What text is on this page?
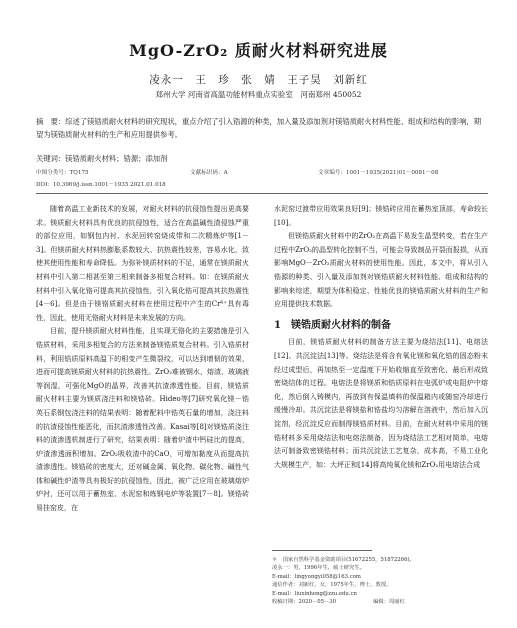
MgO-ZrO₂ 质耐火材料研究进展
凌永一　王　珍　张　婧　王子昊　刘新红
郑州大学 河南省高温功能材料重点实验室　河南郑州 450052
摘　要：综述了镁锆质耐火材料的研究现状，重点介绍了引入锆源的种类，加入量及添加剂对镁锆质耐火材料性能、组成和结构的影响，期望为镁锆质耐火材料的生产和应用提供参考。
关键词：镁锆质耐火材料；锆源；添加剂
中图分类号：TQ175	文献标识码：A	文章编号：1001－1935(2021)01－0081－08
DOI：10.3969/j.issn.1001－1935.2021.01.018

随着高温工业新技术的发展，对耐火材料的抗侵蚀性提出更高要求。镁质耐火材料具有优良的抗侵蚀性，适合在高温碱性渣侵蚀严重的部位应用，如钢包内衬、水泥回转窑烧成带和二次精炼炉等[1－3]。但镁质耐火材料热膨胀系数较大、抗热震性较差，容易水化，致使其使用性能和寿命降低。为弥补镁质材料的不足，通常在镁质耐火材料中引入第二相甚至第三相来制备多相复合材料。如：在镁质耐火材料中引入氧化铬可提高其抗侵蚀性，引入氧化锆可提高其抗热震性[4－6]。但是由于镁铬质耐火材料在使用过程中产生的Cr⁶⁺具有毒性，因此，使用无铬耐火材料是未来发展的方向。

目前，提升镁质耐火材料性能，且实现无铬化的主要措施是引入锆质材料，采用多相复合的方法来制备镁锆质复合材料。引入锆质材料，利用锆质原料高温下的相变产生微裂纹，可以达到增韧的效果，进而可提高镁质耐火材料的抗热震性。ZrO₂难被钢水、熔渣、玻璃液等润湿，可强化MgO的晶界，改善其抗渣渗透性能。目前，镁锆质耐火材料主要为镁质浇注料和镁锆砖。Hideo等[7]研究氧化镁－锆英石系钢包浇注料的结果表明：随着配料中锆英石量的增加，浇注料的抗渣侵蚀性能恶化，而抗渣渗透性改善。Kasai等[8]对镁锆质浇注料的渣渗透机制进行了研究，结果表明：随着炉渣中钙硅比的提高，炉渣渗透面积增加。ZrO₂吸收渣中的CaO，可增加黏度从而提高抗渣渗透性。镁锆砖的密度大，还对碱金属、氧化物、碳化物、碱性气体和碱性炉渣等具有极好的抗侵蚀性，因此，被广泛应用在玻璃熔炉炉衬，还可以用于蓄热室、水泥窑和炼钢电炉等装置[7－8]。镁锆砖易挂窑皮，在

水泥窑过渡带应用效果良好[9]；镁锆砖应用在蓄热室顶部，寿命较长[10]。

但镁锆质耐火材料中的ZrO₂在高温下易发生晶型转变，若在生产过程中ZrO₂的晶型转化控制不当，可能会导致制品开裂而报损，从而影响MgO－ZrO₂质耐火材料的使用性能。因此，本文中，将从引入锆源的种类、引入量及添加剂对镁锆质耐火材料性能、组成和结构的影响来综述，期望为体积稳定、性能优良的镁锆质耐火材料的生产和应用提供技术数据。

1 镁锆质耐火材料的制备

目前，镁锆质耐火材料的制备方法主要为烧结法[11]、电熔法[12]、共沉淀法[13]等。烧结法是将含有氧化镁和氧化锆的固态粉末经过成型后，再加热至一定温度下开始收缩直至致密化，最后形成致密烧结体的过程。电熔法是将镁质和锆质原料在电弧炉或电阻炉中熔化，然后倒入铸模内，再放到有保温填料的保温箱内或随窑冷却进行缓慢冷却。共沉淀法是将镁盐和锆盐均匀溶解在溶液中，然后加入沉淀剂，经沉淀反应而制得镁锆质材料。目前，在耐火材料中采用的镁锆材料多采用烧结法和电熔法制备，因为烧结法工艺相对简单，电熔法可制备致密镁锆材料；而共沉淀法工艺复杂，成本高，不易工业化大规模生产，如：大坪正和[14]将高纯氧化镁和ZrO₂用电熔法合成

＊　国家自然科学基金资助项目(51672255，51872266)。
凌永一：男，1996年生，硕士研究生。
E-mail：lingyongyi058@163.com
通信作者：刘新红，女，1975年生，博士，教授。
E-mail：liuxinhong@zzu.edu.cn
收稿日期：2020－05－30　　　　　　　编辑：周丽红
